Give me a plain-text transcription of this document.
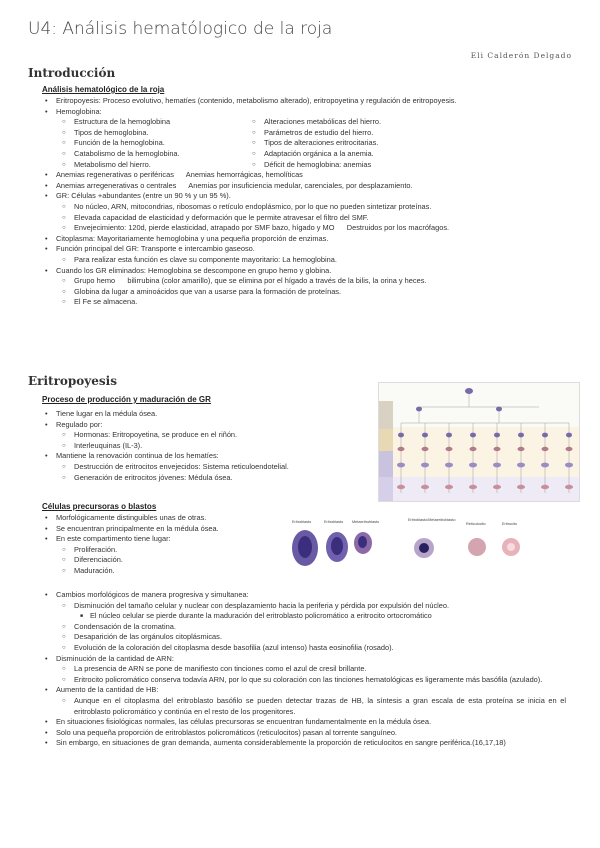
U4: Análisis hematólogico de la roja
Eli Calderón Delgado
Introducción
Análisis hematológico de la roja
• Eritropoyesis: Proceso evolutivo, hematíes (contenido, metabolismo alterado), eritropoyetina y regulación de eritropoyesis.
• Hemoglobina:
○ Estructura de la hemoglobina
○ Tipos de hemoglobina.
○ Función de la hemoglobina.
○ Catabolismo de la hemoglobina.
○ Metabolismo del hierro.
○ Alteraciones metabólicas del hierro.
○ Parámetros de estudio del hierro.
○ Tipos de alteraciones eritrocitarias.
○ Adaptación orgánica a la anemia.
○ Déficit de hemoglobina: anemias
• Anemias regenerativas o periféricas      Anemias hemorrágicas, hemolíticas
• Anemias arregenerativas o centrales      Anemias por insuficiencia medular, carenciales, por desplazamiento.
• GR: Células +abundantes (entre un 90 % y un 95 %).
○ No núcleo, ARN, mitocondrias, ribosomas o retículo endoplásmico, por lo que no pueden sintetizar proteínas.
○ Elevada capacidad de elasticidad y deformación que le permite atravesar el filtro del SMF.
○ Envejecimiento: 120d, pierde elasticidad, atrapado por SMF bazo, hígado y MO      Destruidos por los macrófagos.
• Citoplasma: Mayoritariamente hemoglobina y una pequeña proporción de enzimas.
• Función principal del GR: Transporte e intercambio gaseoso.
○ Para realizar esta función es clave su componente mayoritario: La hemoglobina.
• Cuando los GR eliminados: Hemoglobina se descompone en grupo hemo y globina.
○ Grupo hemo      bilirrubina (color amarillo), que se elimina por el hígado a través de la bilis, la orina y heces.
○ Globina da lugar a aminoácidos que van a usarse para la formación de proteínas.
○ El Fe se almacena.
Eritropoyesis
Proceso de producción y maduración de GR
• Tiene lugar en la médula ósea.
• Regulado por:
○ Hormonas: Eritropoyetina, se produce en el riñón.
○ Interleuquinas (IL-3).
• Mantiene la renovación continua de los hematíes:
○ Destrucción de eritrocitos envejecidos: Sistema reticuloendotelial.
○ Generación de eritrocitos jóvenes: Médula ósea.
Células precursoras o blastos
• Morfológicamente distinguibles unas de otras.
• Se encuentran principalmente en la médula ósea.
• En este compartimento tiene lugar:
○ Proliferación.
○ Diferenciación.
○ Maduración.
• Cambios morfológicos de manera progresiva y simultanea:
○ Disminución del tamaño celular y nuclear con desplazamiento hacia la periferia y pérdida por expulsión del núcleo.
■ El núcleo celular se pierde durante la maduración del eritroblasto policromático a eritrocito ortocromático
○ Condensación de la cromatina.
○ Desaparición de las orgánulos citoplásmicas.
○ Evolución de la coloración del citoplasma desde basofilia (azul intenso) hasta eosinofilia (rosado).
• Disminución de la cantidad de ARN:
○ La presencia de ARN se pone de manifiesto con tinciones como el azul de cresil brillante.
○ Eritrocito policromático conserva todavía ARN, por lo que su coloración con las tinciones hematológicas es ligeramente más basófila (azulado).
• Aumento de la cantidad de HB:
○ Aunque en el citoplasma del eritroblasto basófilo se pueden detectar trazas de HB, la síntesis a gran escala de esta proteína se inicia en el eritroblasto policromático y continúa en el resto de los progenitores.
• En situaciones fisiológicas normales, las células precursoras se encuentran fundamentalmente en la médula ósea.
• Solo una pequeña proporción de eritroblastos policromáticos (reticulocitos) pasan al torrente sanguíneo.
• Sin embargo, en situaciones de gran demanda, aumenta considerablemente la proporción de reticulocitos en sangre periférica.(16,17,18)
Eritroblasto	Eritroblasto Metaeritroblasto	Eritroblasto/Metaeritroblasto
Reticulocito	Eritrocito
